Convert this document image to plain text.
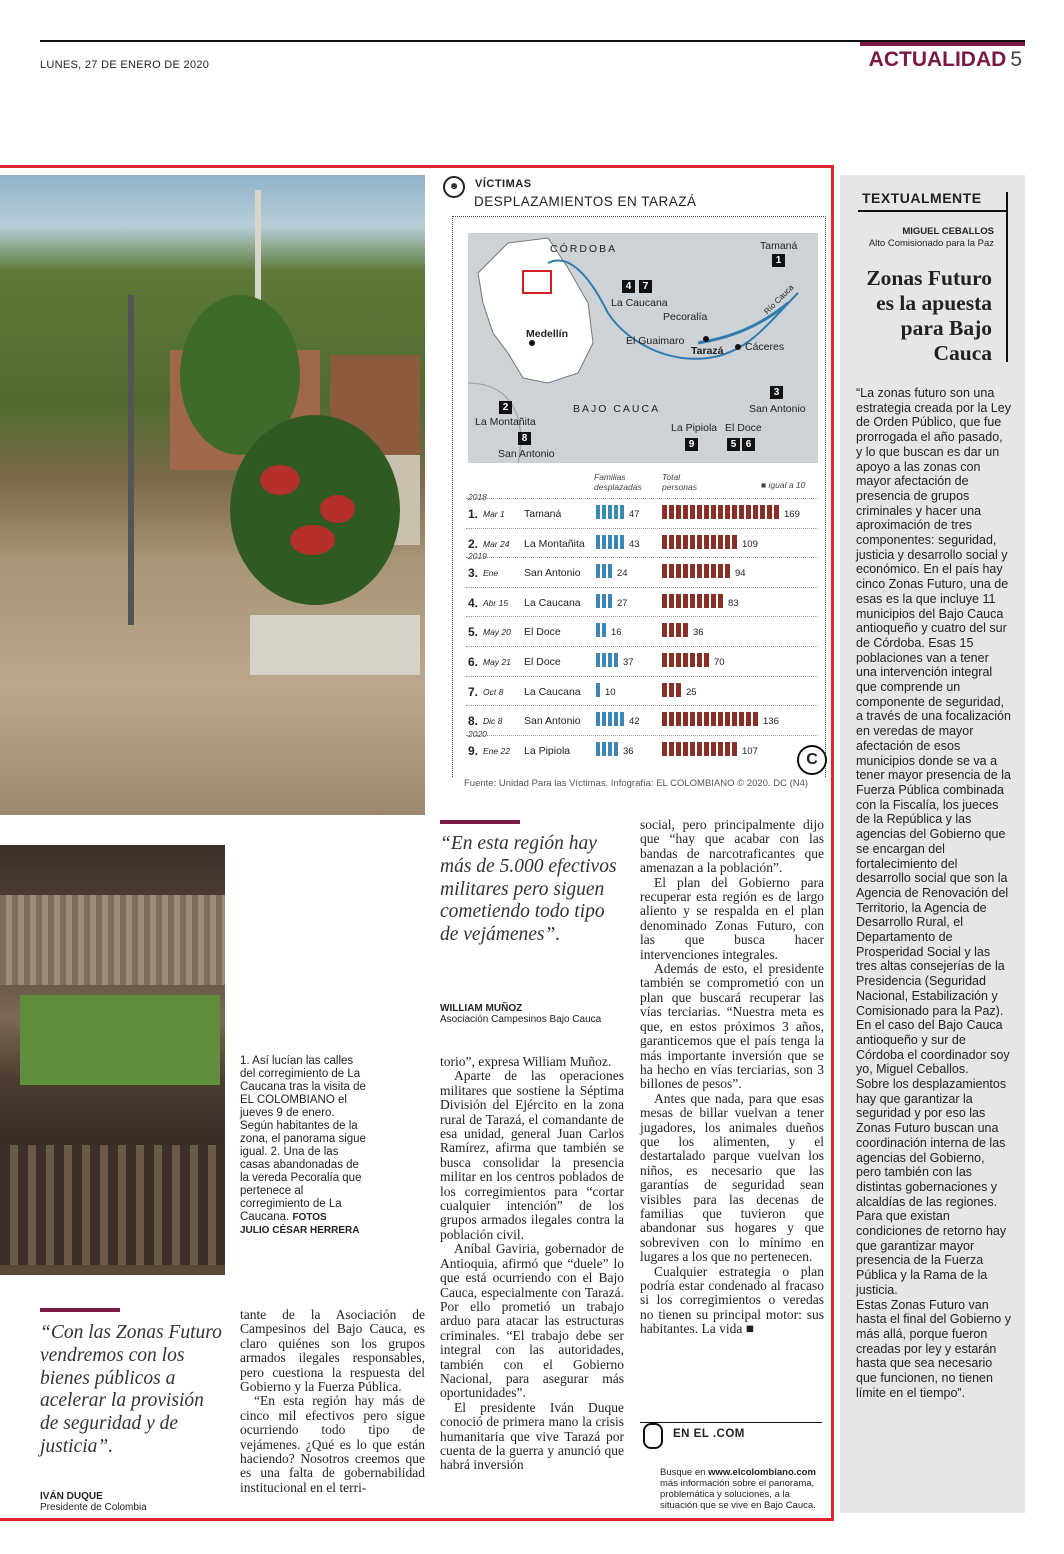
LUNES, 27 DE ENERO DE 2020	ACTUALIDAD 5
1. Así lucían las calles del corregimiento de La Caucana tras la visita de EL COLOMBIANO el jueves 9 de enero. Según habitantes de la zona, el panorama sigue igual. 2. Una de las casas abandonadas de la vereda Pecoralía que pertenece al corregimiento de La Caucana. FOTOS
JULIO CÉSAR HERRERA
“Con las Zonas Futuro vendremos con los bienes públicos a acelerar la provisión de seguridad y de justicia”.
IVÁN DUQUE
Presidente de Colombia
“En esta región hay más de 5.000 efectivos militares pero siguen cometiendo todo tipo de vejámenes”.
WILLIAM MUÑOZ
Asociación Campesinos Bajo Cauca

tante de la Asociación de Campesinos del Bajo Cauca, es claro quiénes son los grupos armados ilegales responsables, pero cuestiona la respuesta del Gobierno y la Fuerza Pública.

“En esta región hay más de cinco mil efectivos pero sigue ocurriendo todo tipo de vejámenes. ¿Qué es lo que están haciendo? Nosotros creemos que es una falta de gobernabilidad institucional en el terri-

torio”, expresa William Muñoz.

Aparte de las operaciones militares que sostiene la Séptima División del Ejército en la zona rural de Tarazá, el comandante de esa unidad, general Juan Carlos Ramírez, afirma que también se busca consolidar la presencia militar en los centros poblados de los corregimientos para “cortar cualquier intención” de los grupos armados ilegales contra la población civil.

Aníbal Gaviria, gobernador de Antioquia, afirmó que “duele” lo que está ocurriendo con el Bajo Cauca, especialmente con Tarazá. Por ello prometió un trabajo arduo para atacar las estructuras criminales. “El trabajo debe ser integral con las autoridades, también con el Gobierno Nacional, para asegurar más oportunidades”.

El presidente Iván Duque conoció de primera mano la crisis humanitaria que vive Tarazá por cuenta de la guerra y anunció que habrá inversión

social, pero principalmente dijo que “hay que acabar con las bandas de narcotraficantes que amenazan a la población”.

El plan del Gobierno para recuperar esta región es de largo aliento y se respalda en el plan denominado Zonas Futuro, con las que busca hacer intervenciones integrales.

Además de esto, el presidente también se comprometió con un plan que buscará recuperar las vías terciarias. “Nuestra meta es que, en estos próximos 3 años, garanticemos que el país tenga la más importante inversión que se ha hecho en vías terciarias, son 3 billones de pesos”.

Antes que nada, para que esas mesas de billar vuelvan a tener jugadores, los animales dueños que los alimenten, y el destartalado parque vuelvan los niños, es necesario que las garantías de seguridad sean visibles para las decenas de familias que tuvieron que abandonar sus hogares y que sobreviven con lo mínimo en lugares a los que no pertenecen.

Cualquier estrategia o plan podría estar condenado al fracaso si los corregimientos o veredas no tienen su principal motor: sus habitantes. La vida ■

EN EL .COM
Busque en www.elcolombiano.com más información sobre el panorama, problemática y soluciones, a la situación que se vive en Bajo Cauca.
☻	VÍCTIMAS
DESPLAZAMIENTOS EN TARAZÁ
CÓRDOBA
BAJO CAUCA
Medellín
Río Cauca
Tarazá Cáceres
El Guaimaro
Pecoralía
La Caucana
Tamaná
La Montañita
San Antonio
San Antonio
La Pipiola El Doce
1
2
3
4
5 6
7
8
9
Familias desplazadas
Total personas	■ igual a 10
1. Mar 1 Tamaná	47	169
2. Mar 24 La Montañita	43	109
3. Ene San Antonio	24	94
4. Abr 15 La Caucana	27	83
5. May 20 El Doce	16	36
6. May 21 El Doce	37	70
7. Oct 8 La Caucana	10	25
8. Dic 8 San Antonio	42	136
9. Ene 22 La Pipiola	36	107
2018
2019
2020
Fuente: Unidad Para las Víctimas. Infografía: EL COLOMBIANO © 2020. DC (N4)
C
TEXTUALMENTE
MIGUEL CEBALLOS
Alto Comisionado para la Paz
Zonas Futuro es la apuesta para Bajo Cauca

“La zonas futuro son una estrategia creada por la Ley de Orden Público, que fue prorrogada el año pasado, y lo que buscan es dar un apoyo a las zonas con mayor afectación de presencia de grupos criminales y hacer una aproximación de tres componentes: seguridad, justicia y desarrollo social y económico. En el país hay cinco Zonas Futuro, una de esas es la que incluye 11 municipios del Bajo Cauca antioqueño y cuatro del sur de Córdoba. Esas 15 poblaciones van a tener una intervención integral que comprende un componente de seguridad, a través de una focalización en veredas de mayor afectación de esos municipios donde se va a tener mayor presencia de la Fuerza Pública combinada con la Fiscalía, los jueces de la República y las agencias del Gobierno que se encargan del fortalecimiento del desarrollo social que son la Agencia de Renovación del Territorio, la Agencia de Desarrollo Rural, el Departamento de Prosperidad Social y las tres altas consejerías de la Presidencia (Seguridad Nacional, Estabilización y Comisionado para la Paz). En el caso del Bajo Cauca antioqueño y sur de Córdoba el coordinador soy yo, Miguel Ceballos.

Sobre los desplazamientos hay que garantizar la seguridad y por eso las Zonas Futuro buscan una coordinación interna de las agencias del Gobierno, pero también con las distintas gobernaciones y alcaldías de las regiones.

Para que existan condiciones de retorno hay que garantizar mayor presencia de la Fuerza Pública y la Rama de la justicia.

Estas Zonas Futuro van hasta el final del Gobierno y más allá, porque fueron creadas por ley y estarán hasta que sea necesario que funcionen, no tienen límite en el tiempo”.
